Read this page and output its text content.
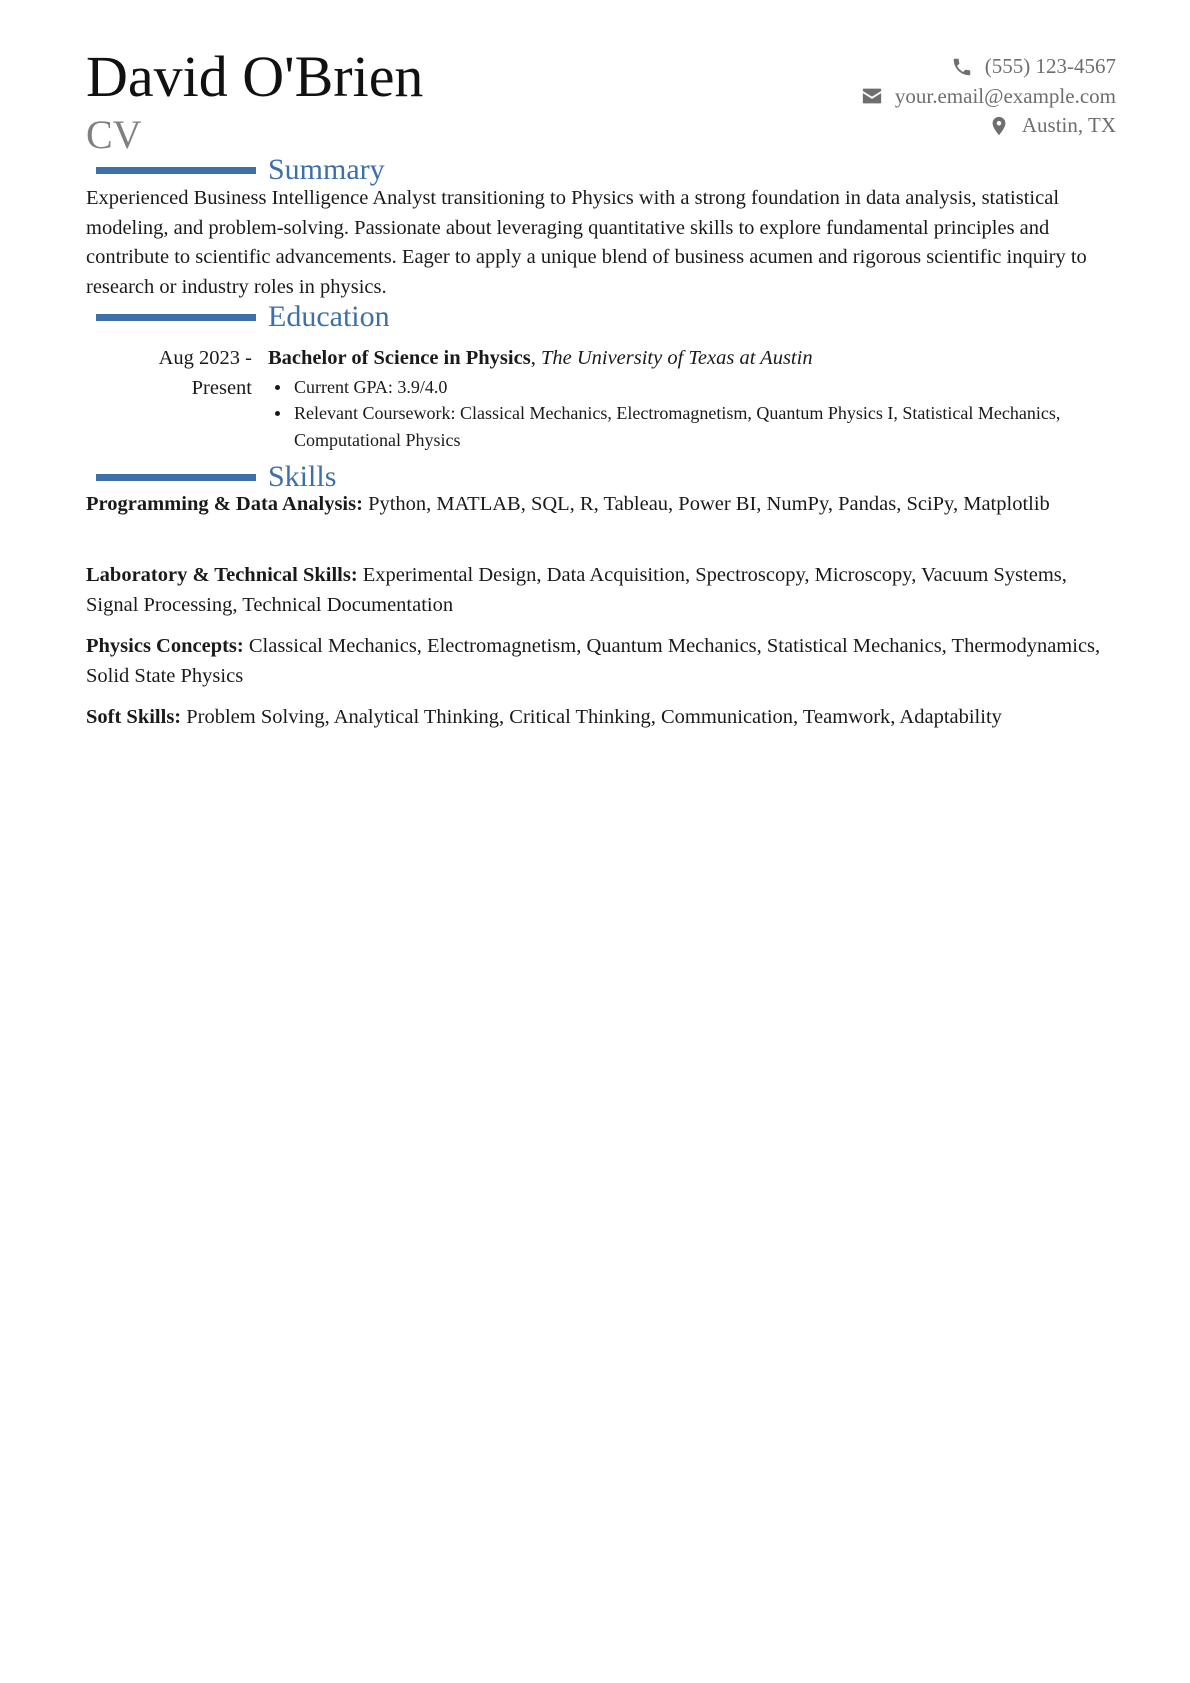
David O'Brien
CV
(555) 123-4567
your.email@example.com
Austin, TX
Summary
Experienced Business Intelligence Analyst transitioning to Physics with a strong foundation in data analysis, statistical modeling, and problem-solving. Passionate about leveraging quantitative skills to explore fundamental principles and contribute to scientific advancements. Eager to apply a unique blend of business acumen and rigorous scientific inquiry to research or industry roles in physics.
Education
Aug 2023 -
Present
Bachelor of Science in Physics, The University of Texas at Austin
Current GPA: 3.9/4.0
Relevant Coursework: Classical Mechanics, Electromagnetism, Quantum Physics I, Statistical Mechanics, Computational Physics
Skills
Programming & Data Analysis: Python, MATLAB, SQL, R, Tableau, Power BI, NumPy, Pandas, SciPy, Matplotlib
Laboratory & Technical Skills: Experimental Design, Data Acquisition, Spectroscopy, Microscopy, Vacuum Systems, Signal Processing, Technical Documentation
Physics Concepts: Classical Mechanics, Electromagnetism, Quantum Mechanics, Statistical Mechanics, Thermodynamics, Solid State Physics
Soft Skills: Problem Solving, Analytical Thinking, Critical Thinking, Communication, Teamwork, Adaptability
